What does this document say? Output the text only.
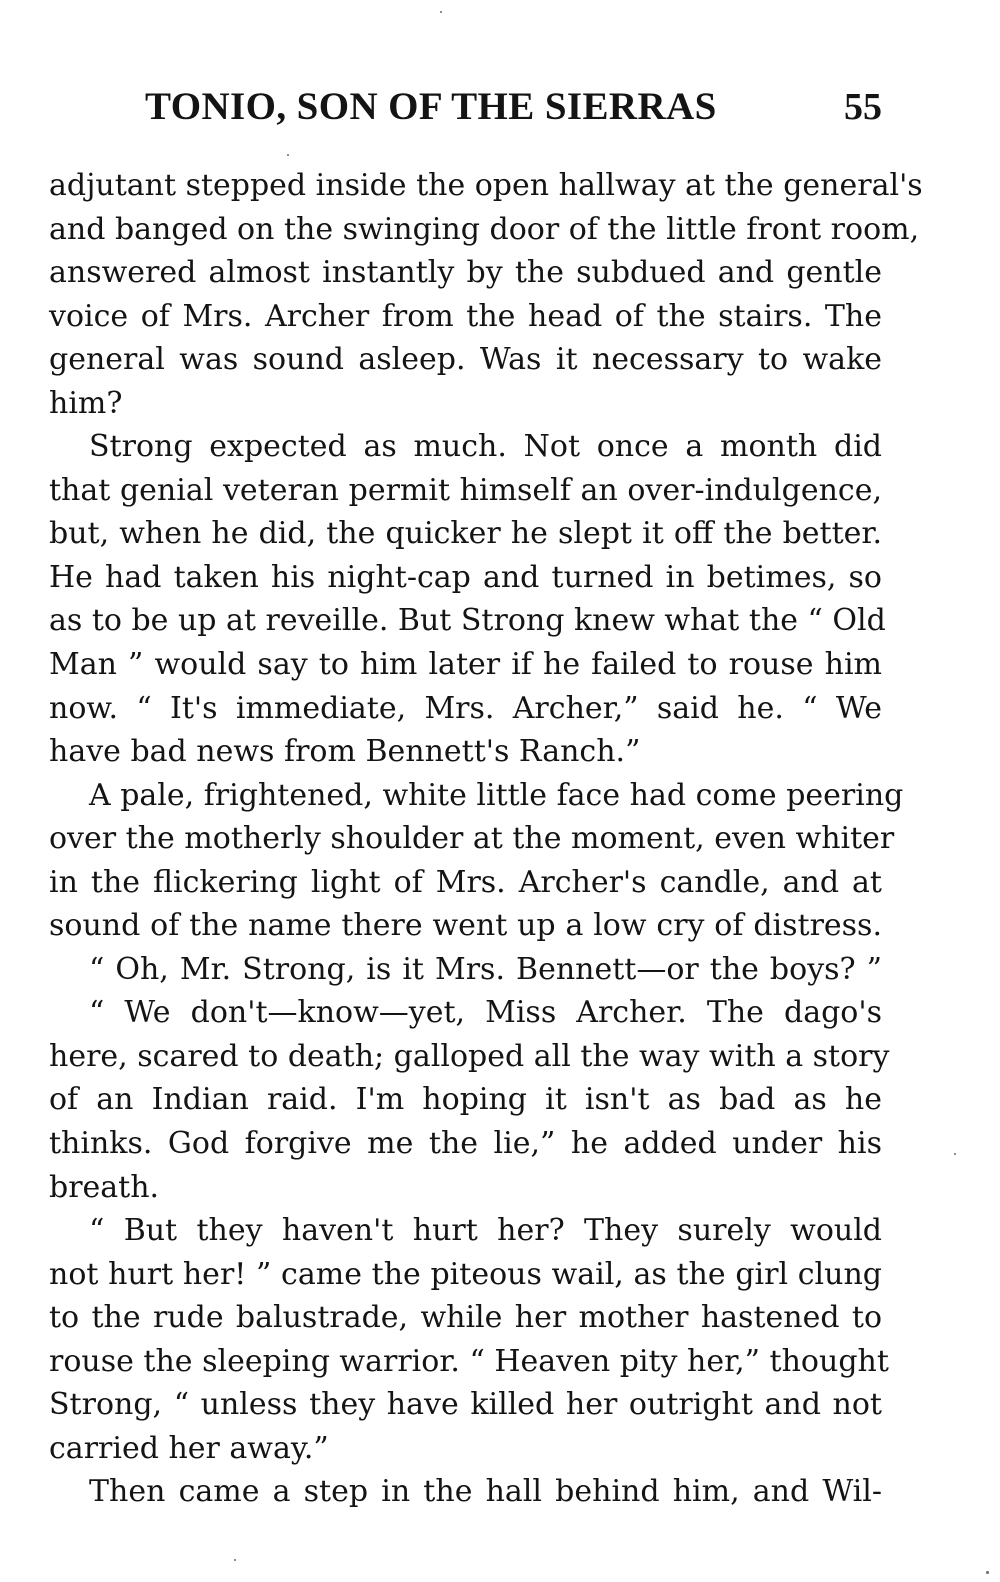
TONIO, SON OF THE SIERRAS	55
adjutant stepped inside the open hallway at the general's
and banged on the swinging door of the little front room,
answered almost instantly by the subdued and gentle
voice of Mrs. Archer from the head of the stairs. The
general was sound asleep. Was it necessary to wake
him?
Strong expected as much. Not once a month did
that genial veteran permit himself an over-indulgence,
but, when he did, the quicker he slept it off the better.
He had taken his night-cap and turned in betimes, so
as to be up at reveille. But Strong knew what the “ Old
Man ” would say to him later if he failed to rouse him
now. “ It's immediate, Mrs. Archer,” said he. “ We
have bad news from Bennett's Ranch.”
A pale, frightened, white little face had come peering
over the motherly shoulder at the moment, even whiter
in the flickering light of Mrs. Archer's candle, and at
sound of the name there went up a low cry of distress.
“ Oh, Mr. Strong, is it Mrs. Bennett—or the boys? ”
“ We don't—know—yet, Miss Archer. The dago's
here, scared to death; galloped all the way with a story
of an Indian raid. I'm hoping it isn't as bad as he
thinks. God forgive me the lie,” he added under his
breath.
“ But they haven't hurt her? They surely would
not hurt her! ” came the piteous wail, as the girl clung
to the rude balustrade, while her mother hastened to
rouse the sleeping warrior. “ Heaven pity her,” thought
Strong, “ unless they have killed her outright and not
carried her away.”
Then came a step in the hall behind him, and Wil-
